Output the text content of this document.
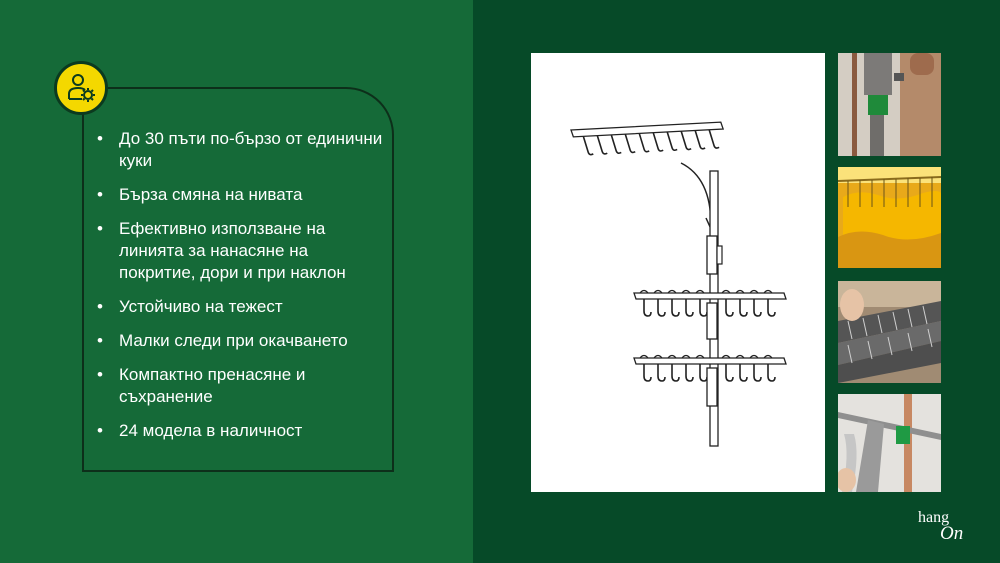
• До 30 пъти по-бързо от единични куки
• Бърза смяна на нивата
• Ефективно използване на линията за нанасяне на покритие, дори и при наклон
• Устойчиво на тежест
• Малки следи при окачването
• Компактно пренасяне и съхранение
• 24 модела в наличност
hang
On
